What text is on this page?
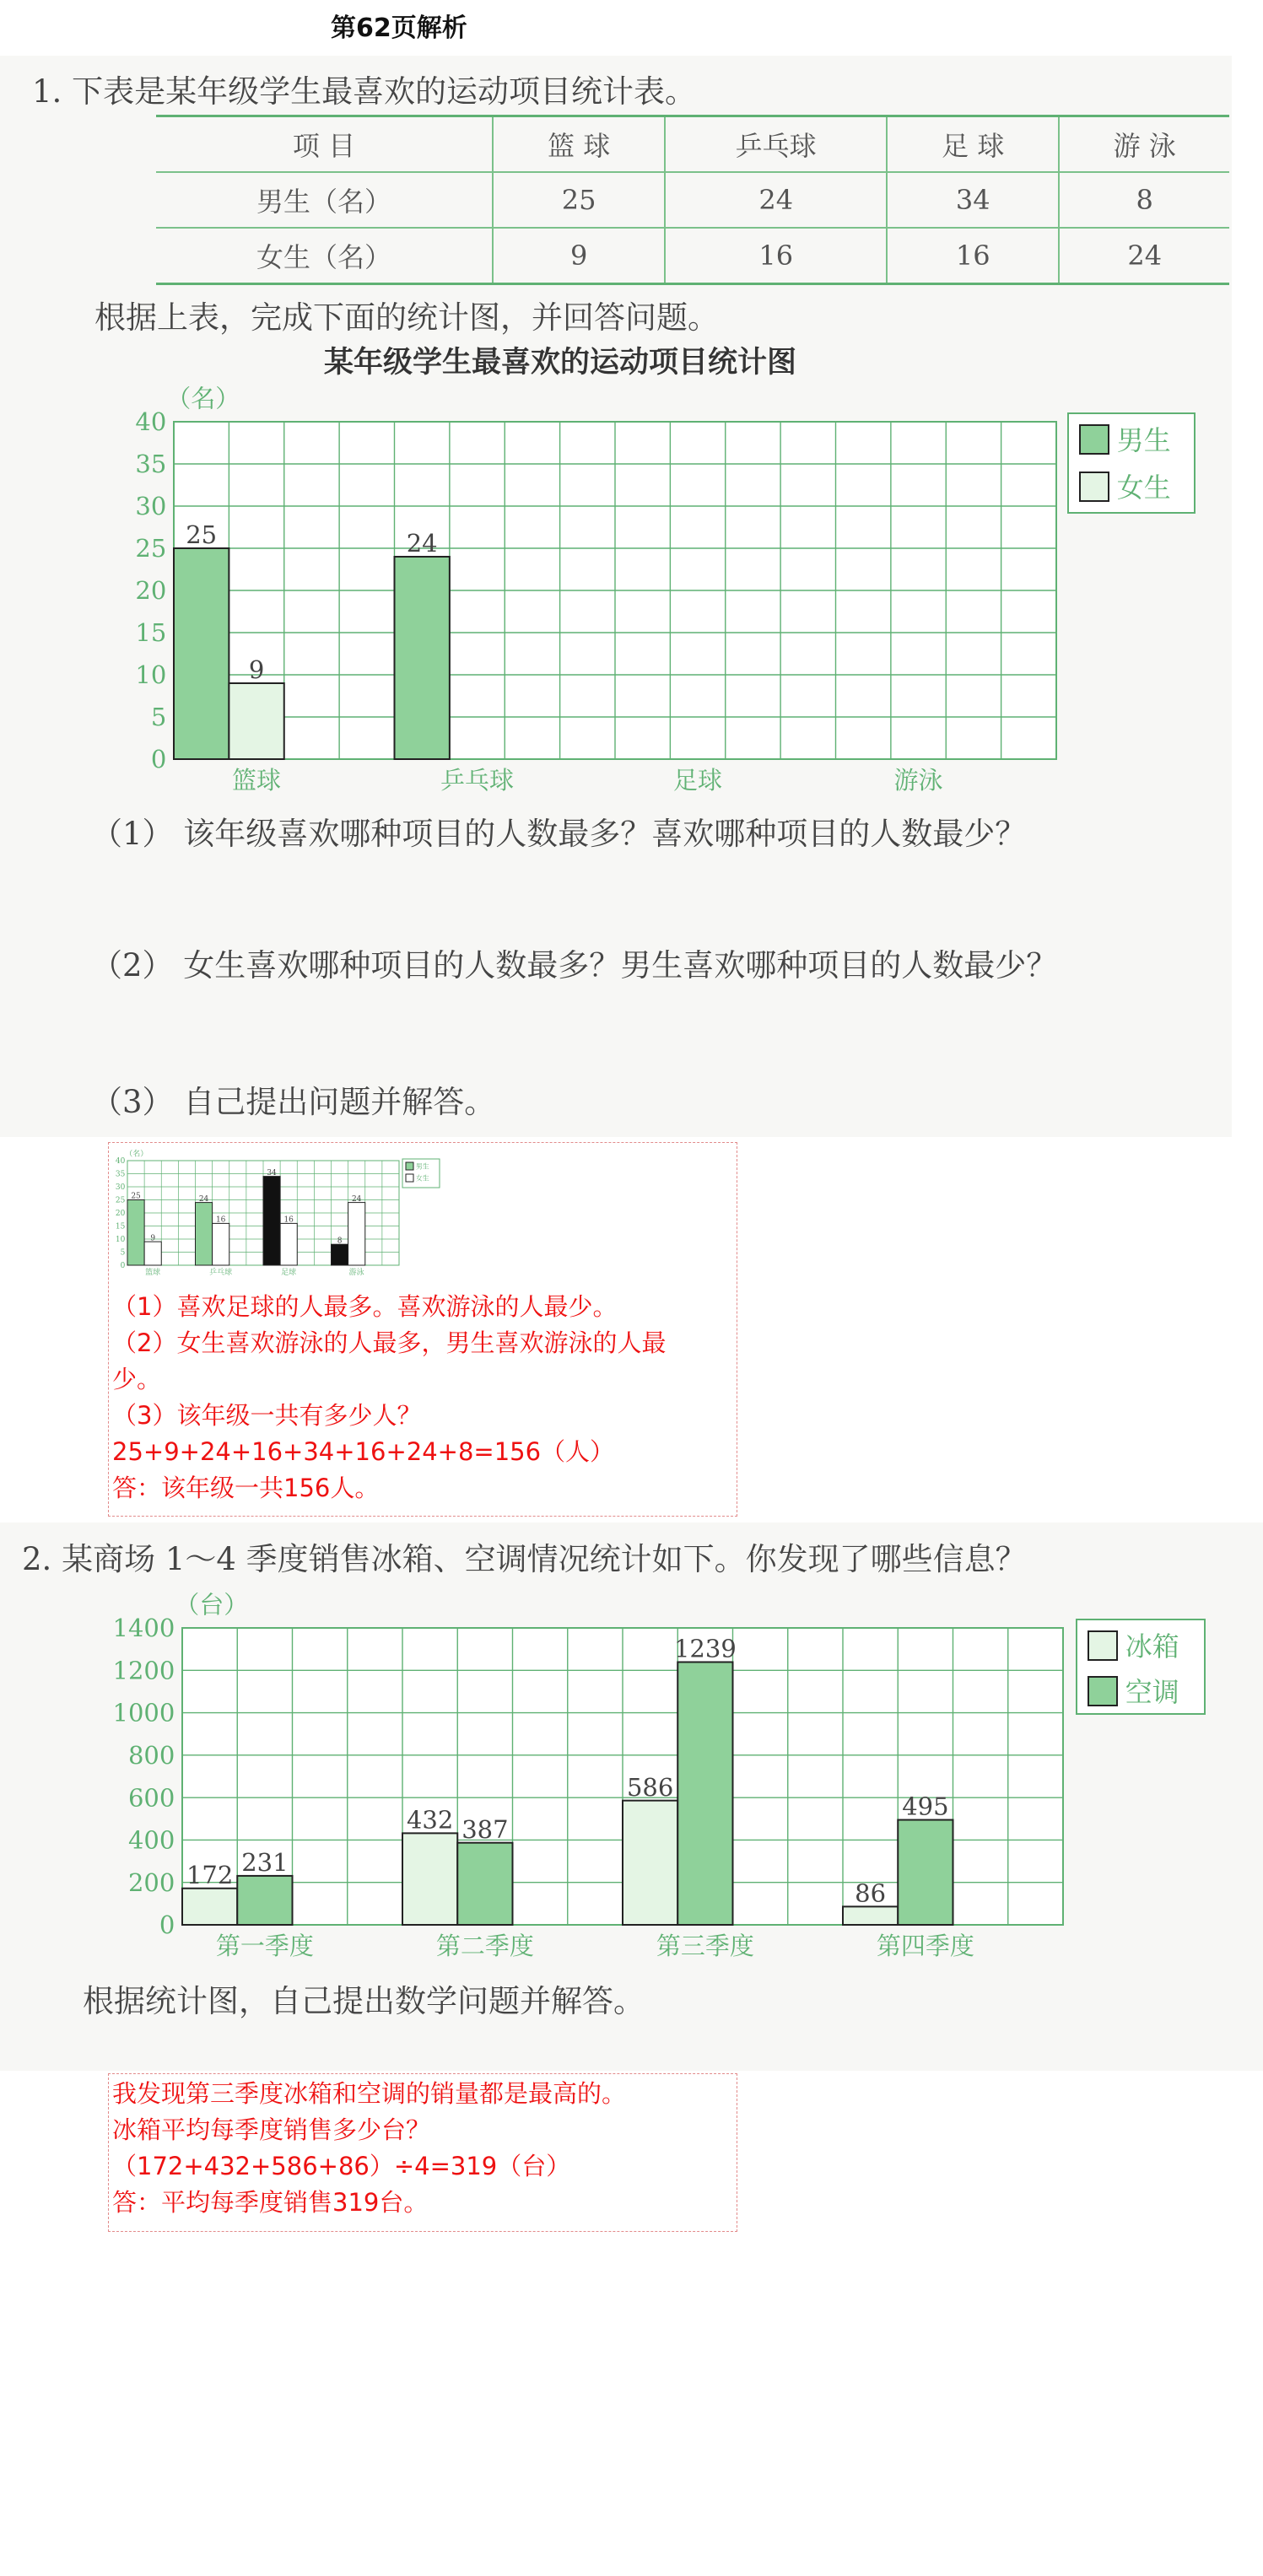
第62页解析
1. 下表是某年级学生最喜欢的运动项目统计表。
项 目	篮 球	乒乓球	足 球	游 泳
男生（名）	25	24	34	8
女生（名）	9	16	16	24
根据上表，完成下面的统计图，并回答问题。
某年级学生最喜欢的运动项目统计图
0
5
10
15
20
25
30
35
40
（名）
篮球
25
9
乒乓球
24
足球	游泳
男生
女生
（1） 该年级喜欢哪种项目的人数最多？喜欢哪种项目的人数最少？
（2） 女生喜欢哪种项目的人数最多？男生喜欢哪种项目的人数最少？
（3） 自己提出问题并解答。
0
5
10
15
20
25
30
35
40
（名）
篮球
25
9
乒乓球
24
16
足球
34
16
游泳
8
24
男生
女生

（1）喜欢足球的人最多。喜欢游泳的人最少。

（2）女生喜欢游泳的人最多，男生喜欢游泳的人最

少。

（3）该年级一共有多少人？

25+9+24+16+34+16+24+8=156（人）

答：该年级一共156人。

2. 某商场 1～4 季度销售冰箱、空调情况统计如下。你发现了哪些信息？
0
200
400
600
800
1000
1200
1400
（台）
第一季度
172 231
第二季度
432 387
第三季度
586
1239
第四季度
86
495
冰箱
空调
根据统计图，自己提出数学问题并解答。

我发现第三季度冰箱和空调的销量都是最高的。

冰箱平均每季度销售多少台？

（172+432+586+86）÷4=319（台）

答：平均每季度销售319台。
